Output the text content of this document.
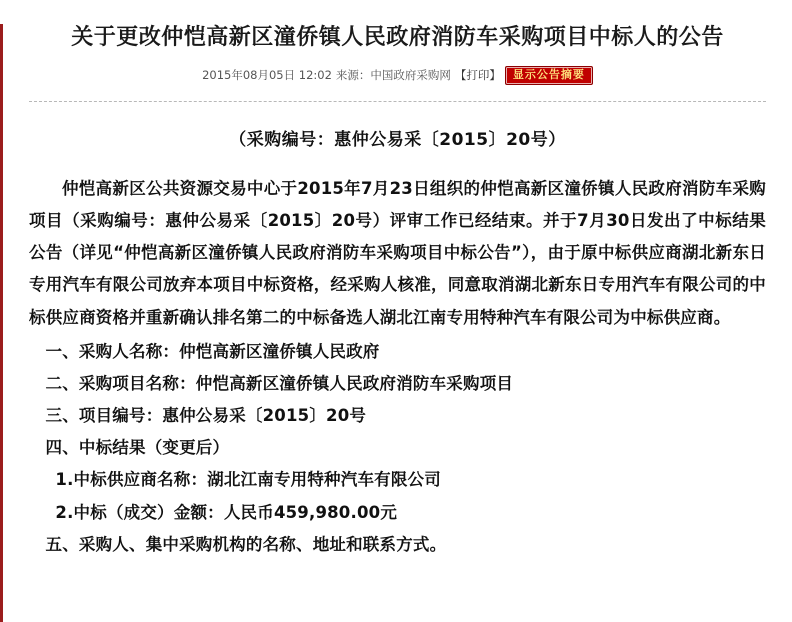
关于更改仲恺高新区潼侨镇人民政府消防车采购项目中标人的公告
2015年08月05日 12:02 来源：中国政府采购网 【打印】	显示公告摘要
（采购编号：惠仲公易采〔2015〕20号）

仲恺高新区公共资源交易中心于2015年7月23日组织的仲恺高新区潼侨镇人民政府消防车采购项目（采购编号：惠仲公易采〔2015〕20号）评审工作已经结束。并于7月30日发出了中标结果公告（详见“仲恺高新区潼侨镇人民政府消防车采购项目中标公告”），由于原中标供应商湖北新东日专用汽车有限公司放弃本项目中标资格，经采购人核准，同意取消湖北新东日专用汽车有限公司的中标供应商资格并重新确认排名第二的中标备选人湖北江南专用特种汽车有限公司为中标供应商。

一、采购人名称：仲恺高新区潼侨镇人民政府

二、采购项目名称：仲恺高新区潼侨镇人民政府消防车采购项目

三、项目编号：惠仲公易采〔2015〕20号

四、中标结果（变更后）

1.中标供应商名称：湖北江南专用特种汽车有限公司

2.中标（成交）金额：人民币459,980.00元

五、采购人、集中采购机构的名称、地址和联系方式。
